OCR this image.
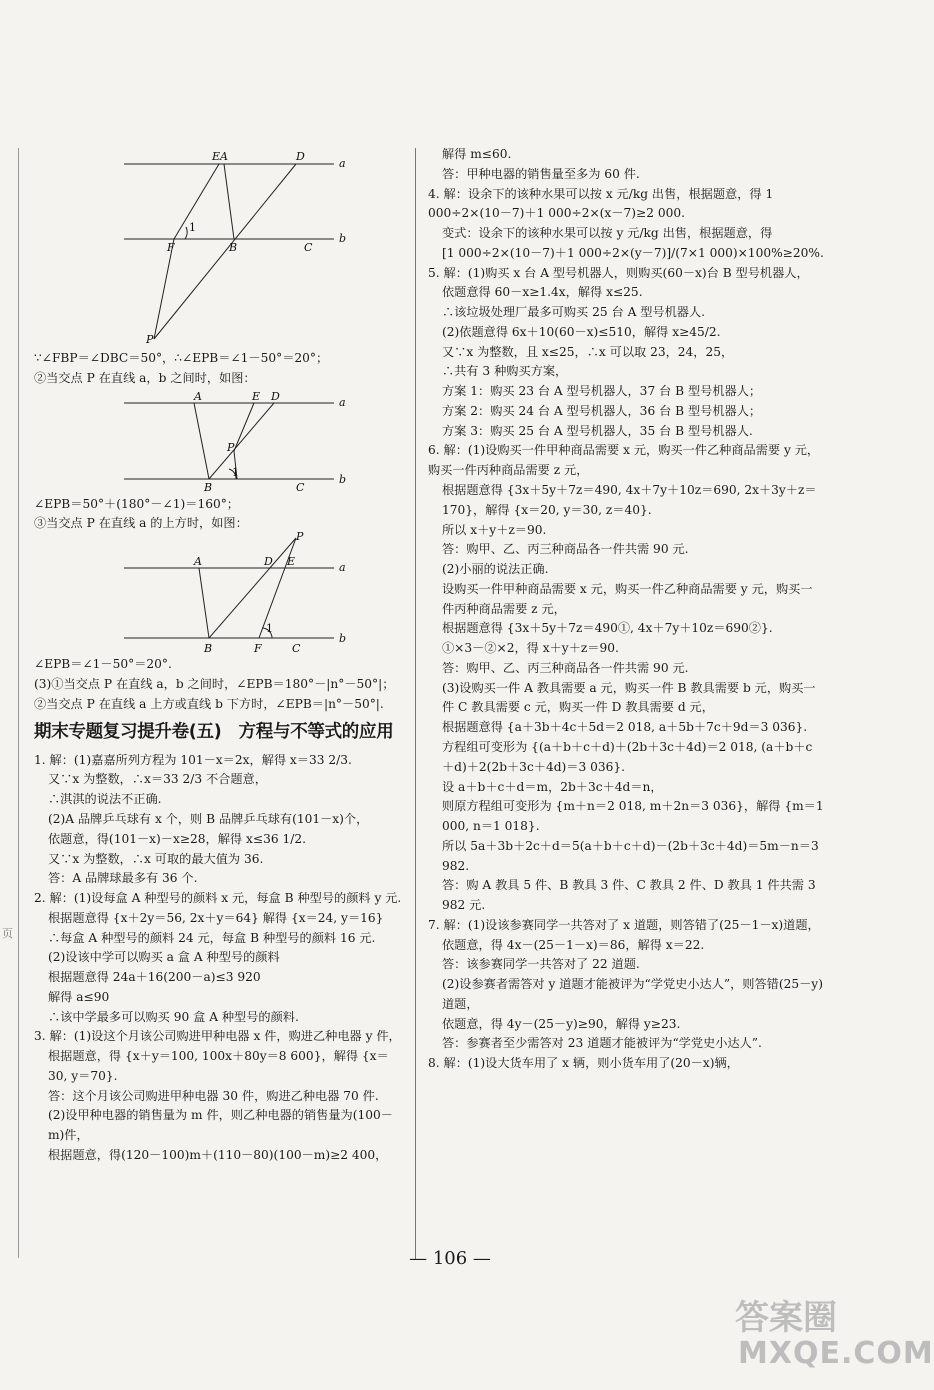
页
EA	D
a
1
F	B	C
b
P
∵∠FBP＝∠DBC＝50°，∴∠EPB＝∠1－50°＝20°；
②当交点 P 在直线 a，b 之间时，如图：
A	E D	a
P
1
B	C
b
∠EPB＝50°＋(180°－∠1)＝160°；
③当交点 P 在直线 a 的上方时，如图：
P
A	D E	a
1
B	F	C
b
∠EPB＝∠1－50°＝20°.
(3)①当交点 P 在直线 a，b 之间时，∠EPB＝180°－|n°－50°|；
②当交点 P 在直线 a 上方或直线 b 下方时，∠EPB＝|n°－50°|.
期末专题复习提升卷(五)　方程与不等式的应用
1. 解：(1)嘉嘉所列方程为 101－x＝2x，解得 x＝33 2/3.
又∵x 为整数，∴x＝33 2/3 不合题意，
∴淇淇的说法不正确.
(2)A 品牌乒乓球有 x 个，则 B 品牌乒乓球有(101－x)个，
依题意，得(101－x)－x≥28，解得 x≤36 1/2.
又∵x 为整数，∴x 可取的最大值为 36.
答：A 品牌球最多有 36 个.
2. 解：(1)设每盒 A 种型号的颜料 x 元，每盒 B 种型号的颜料 y 元.
根据题意得 {x＋2y＝56, 2x＋y＝64} 解得 {x＝24, y＝16}
∴每盒 A 种型号的颜料 24 元，每盒 B 种型号的颜料 16 元.
(2)设该中学可以购买 a 盒 A 种型号的颜料
根据题意得 24a＋16(200－a)≤3 920
解得 a≤90
∴该中学最多可以购买 90 盒 A 种型号的颜料.
3. 解：(1)设这个月该公司购进甲种电器 x 件，购进乙种电器 y 件，
根据题意，得 {x＋y＝100, 100x＋80y＝8 600}，解得 {x＝30, y＝70}.
答：这个月该公司购进甲种电器 30 件，购进乙种电器 70 件.
(2)设甲种电器的销售量为 m 件，则乙种电器的销售量为(100－m)件，
根据题意，得(120－100)m＋(110－80)(100－m)≥2 400，
解得 m≤60.
答：甲种电器的销售量至多为 60 件.
4. 解：设余下的该种水果可以按 x 元/kg 出售，根据题意，得 1 000÷2×(10－7)＋1 000÷2×(x－7)≥2 000.
变式：设余下的该种水果可以按 y 元/kg 出售，根据题意，得
[1 000÷2×(10－7)＋1 000÷2×(y－7)]/(7×1 000)×100%≥20%.
5. 解：(1)购买 x 台 A 型号机器人，则购买(60－x)台 B 型号机器人，
依题意得 60－x≥1.4x，解得 x≤25.
∴该垃圾处理厂最多可购买 25 台 A 型号机器人.
(2)依题意得 6x＋10(60－x)≤510，解得 x≥45/2.
又∵x 为整数，且 x≤25，∴x 可以取 23，24，25，
∴共有 3 种购买方案，
方案 1：购买 23 台 A 型号机器人，37 台 B 型号机器人；
方案 2：购买 24 台 A 型号机器人，36 台 B 型号机器人；
方案 3：购买 25 台 A 型号机器人，35 台 B 型号机器人.
6. 解：(1)设购买一件甲种商品需要 x 元，购买一件乙种商品需要 y 元，购买一件丙种商品需要 z 元，
根据题意得 {3x＋5y＋7z＝490, 4x＋7y＋10z＝690, 2x＋3y＋z＝170}，解得 {x＝20, y＝30, z＝40}.
所以 x＋y＋z＝90.
答：购甲、乙、丙三种商品各一件共需 90 元.
(2)小丽的说法正确.
设购买一件甲种商品需要 x 元，购买一件乙种商品需要 y 元，购买一件丙种商品需要 z 元，
根据题意得 {3x＋5y＋7z＝490①, 4x＋7y＋10z＝690②}.
①×3－②×2，得 x＋y＋z＝90.
答：购甲、乙、丙三种商品各一件共需 90 元.
(3)设购买一件 A 教具需要 a 元，购买一件 B 教具需要 b 元，购买一件 C 教具需要 c 元，购买一件 D 教具需要 d 元，
根据题意得 {a＋3b＋4c＋5d＝2 018, a＋5b＋7c＋9d＝3 036}.
方程组可变形为 {(a＋b＋c＋d)＋(2b＋3c＋4d)＝2 018, (a＋b＋c＋d)＋2(2b＋3c＋4d)＝3 036}.
设 a＋b＋c＋d＝m，2b＋3c＋4d＝n，
则原方程组可变形为 {m＋n＝2 018, m＋2n＝3 036}，解得 {m＝1 000, n＝1 018}.
所以 5a＋3b＋2c＋d＝5(a＋b＋c＋d)－(2b＋3c＋4d)＝5m－n＝3 982.
答：购 A 教具 5 件、B 教具 3 件、C 教具 2 件、D 教具 1 件共需 3 982 元.
7. 解：(1)设该参赛同学一共答对了 x 道题，则答错了(25－1－x)道题，
依题意，得 4x－(25－1－x)＝86，解得 x＝22.
答：该参赛同学一共答对了 22 道题.
(2)设参赛者需答对 y 道题才能被评为“学党史小达人”，则答错(25－y)道题，
依题意，得 4y－(25－y)≥90，解得 y≥23.
答：参赛者至少需答对 23 道题才能被评为“学党史小达人”.
8. 解：(1)设大货车用了 x 辆，则小货车用了(20－x)辆，
— 106 —
答案圈
MXQE.COM
